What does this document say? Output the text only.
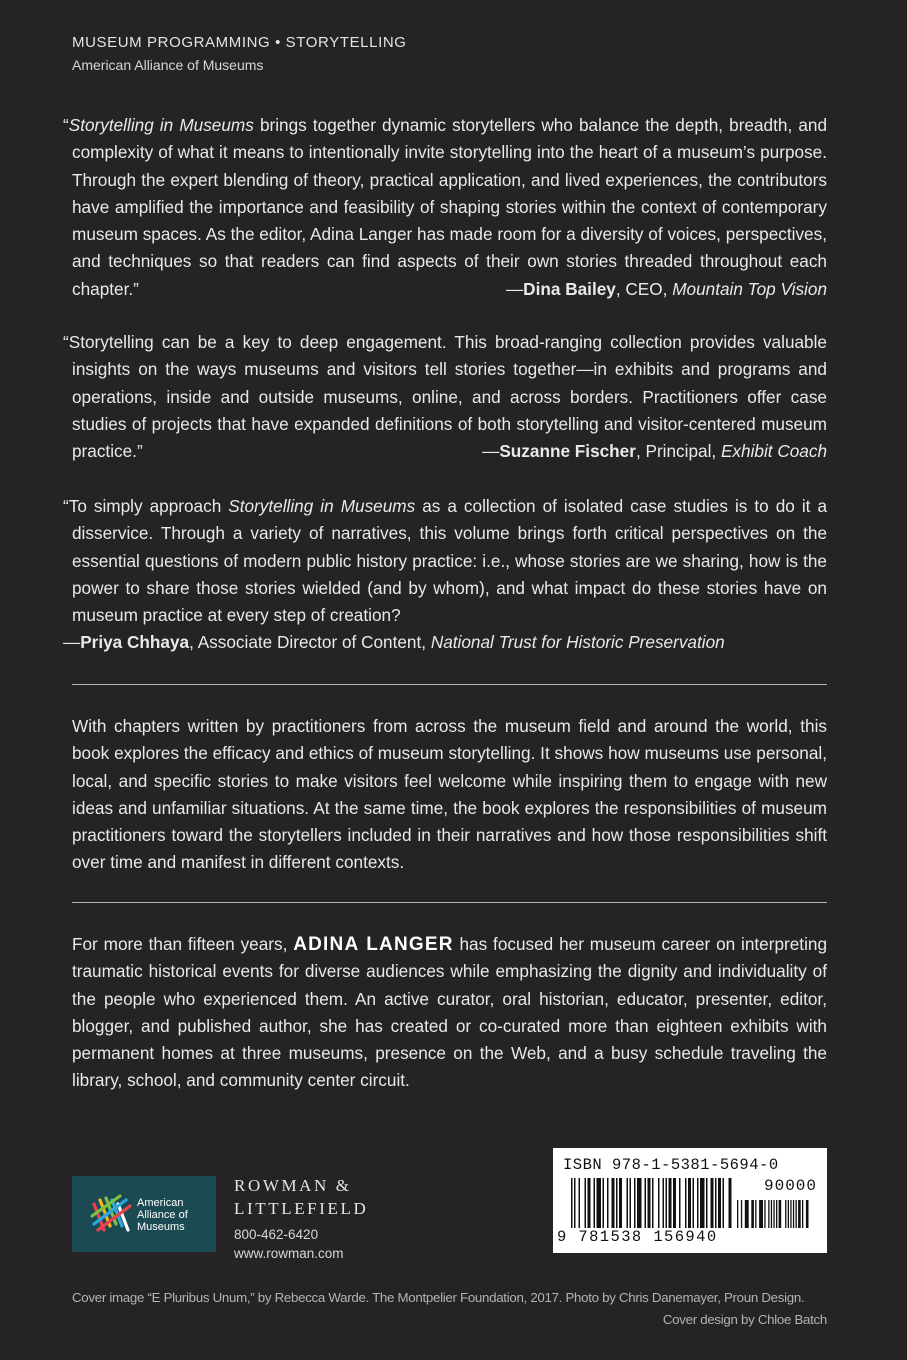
MUSEUM PROGRAMMING • STORYTELLING
American Alliance of Museums
“Storytelling in Museums brings together dynamic storytellers who balance the depth, breadth, and complexity of what it means to intentionally invite storytelling into the heart of a museum’s purpose. Through the expert blending of theory, practical application, and lived experiences, the contributors have amplified the importance and feasibility of shaping stories within the context of contemporary museum spaces. As the editor, Adina Langer has made room for a diversity of voices, perspectives, and techniques so that readers can find aspects of their own stories threaded throughout each chapter.”	—Dina Bailey, CEO, Mountain Top Vision
“Storytelling can be a key to deep engagement. This broad-ranging collection provides valuable insights on the ways museums and visitors tell stories together—in exhibits and programs and operations, inside and outside museums, online, and across borders. Practitioners offer case studies of projects that have expanded definitions of both storytelling and visitor-centered museum practice.”	—Suzanne Fischer, Principal, Exhibit Coach
“To simply approach Storytelling in Museums as a collection of isolated case studies is to do it a disservice. Through a variety of narratives, this volume brings forth critical perspectives on the essential questions of modern public history practice: i.e., whose stories are we sharing, how is the power to share those stories wielded (and by whom), and what impact do these stories have on museum practice at every step of creation?
—Priya Chhaya, Associate Director of Content, National Trust for Historic Preservation
With chapters written by practitioners from across the museum field and around the world, this book explores the efficacy and ethics of museum storytelling. It shows how museums use personal, local, and specific stories to make visitors feel welcome while inspiring them to engage with new ideas and unfamiliar situations. At the same time, the book explores the responsibilities of museum practitioners toward the storytellers included in their narratives and how those responsibilities shift over time and manifest in different contexts.
For more than fifteen years, ADINA LANGER has focused her museum career on interpreting traumatic historical events for diverse audiences while emphasizing the dignity and individuality of the people who experienced them. An active curator, oral historian, educator, presenter, editor, blogger, and published author, she has created or co-curated more than eighteen exhibits with permanent homes at three museums, presence on the Web, and a busy schedule traveling the library, school, and community center circuit.
American Alliance of Museums
ROWMAN &
LITTLEFIELD
800-462-6420
www.rowman.com
ISBN 978-1-5381-5694-0
90000
9 781538 156940
Cover image “E Pluribus Unum,” by Rebecca Warde. The Montpelier Foundation, 2017. Photo by Chris Danemayer, Proun Design.
Cover design by Chloe Batch
